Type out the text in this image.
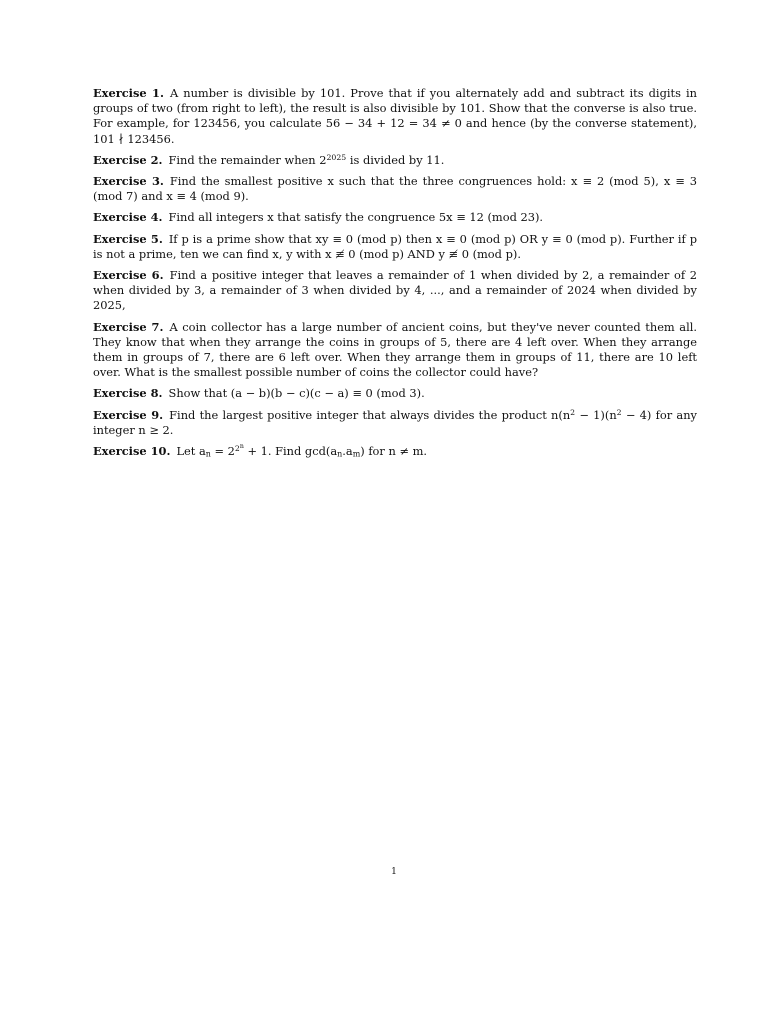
Exercise 1. A number is divisible by 101. Prove that if you alternately add and subtract its digits in groups of two (from right to left), the result is also divisible by 101. Show that the converse is also true. For example, for 123456, you calculate 56 − 34 + 12 = 34 ≠ 0 and hence (by the converse statement), 101 ∤ 123456.

Exercise 2. Find the remainder when $2^{2025}$ is divided by 11.

Exercise 3. Find the smallest positive x such that the three congruences hold: x ≡ 2 (mod 5), x ≡ 3 (mod 7) and x ≡ 4 (mod 9).

Exercise 4. Find all integers x that satisfy the congruence 5x ≡ 12 (mod 23).

Exercise 5. If p is a prime show that xy ≡ 0 (mod p) then x ≡ 0 (mod p) OR y ≡ 0 (mod p). Further if p is not a prime, ten we can find x, y with x ≢ 0 (mod p) AND y ≢ 0 (mod p).

Exercise 6. Find a positive integer that leaves a remainder of 1 when divided by 2, a remainder of 2 when divided by 3, a remainder of 3 when divided by 4, ..., and a remainder of 2024 when divided by 2025,

Exercise 7. A coin collector has a large number of ancient coins, but they've never counted them all. They know that when they arrange the coins in groups of 5, there are 4 left over. When they arrange them in groups of 7, there are 6 left over. When they arrange them in groups of 11, there are 10 left over. What is the smallest possible number of coins the collector could have?

Exercise 8. Show that (a − b)(b − c)(c − a) ≡ 0 (mod 3).

Exercise 9. Find the largest positive integer that always divides the product $n(n^2 - 1)(n^2 - 4)$ for any integer n ≥ 2.

Exercise 10. Let $a_n = 2^{2^n} + 1$. Find $\gcd(a_n.a_m)$ for n ≠ m.

1
